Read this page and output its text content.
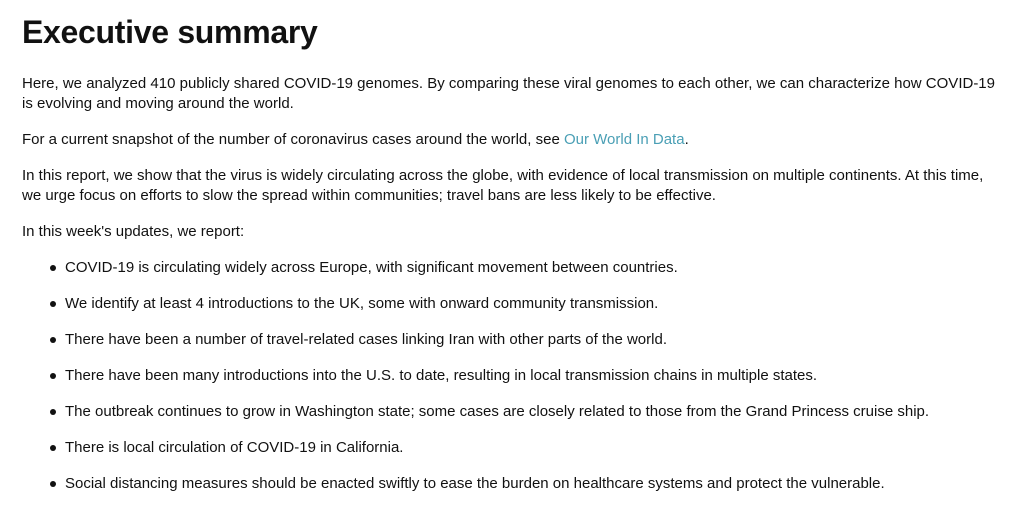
Executive summary

Here, we analyzed 410 publicly shared COVID-19 genomes. By comparing these viral genomes to each other, we can characterize how COVID-19 is evolving and moving around the world.

For a current snapshot of the number of coronavirus cases around the world, see Our World In Data.

In this report, we show that the virus is widely circulating across the globe, with evidence of local transmission on multiple continents. At this time, we urge focus on efforts to slow the spread within communities; travel bans are less likely to be effective.

In this week's updates, we report:

COVID-19 is circulating widely across Europe, with significant movement between countries.
We identify at least 4 introductions to the UK, some with onward community transmission.
There have been a number of travel-related cases linking Iran with other parts of the world.
There have been many introductions into the U.S. to date, resulting in local transmission chains in multiple states.
The outbreak continues to grow in Washington state; some cases are closely related to those from the Grand Princess cruise ship.
There is local circulation of COVID-19 in California.
Social distancing measures should be enacted swiftly to ease the burden on healthcare systems and protect the vulnerable.
